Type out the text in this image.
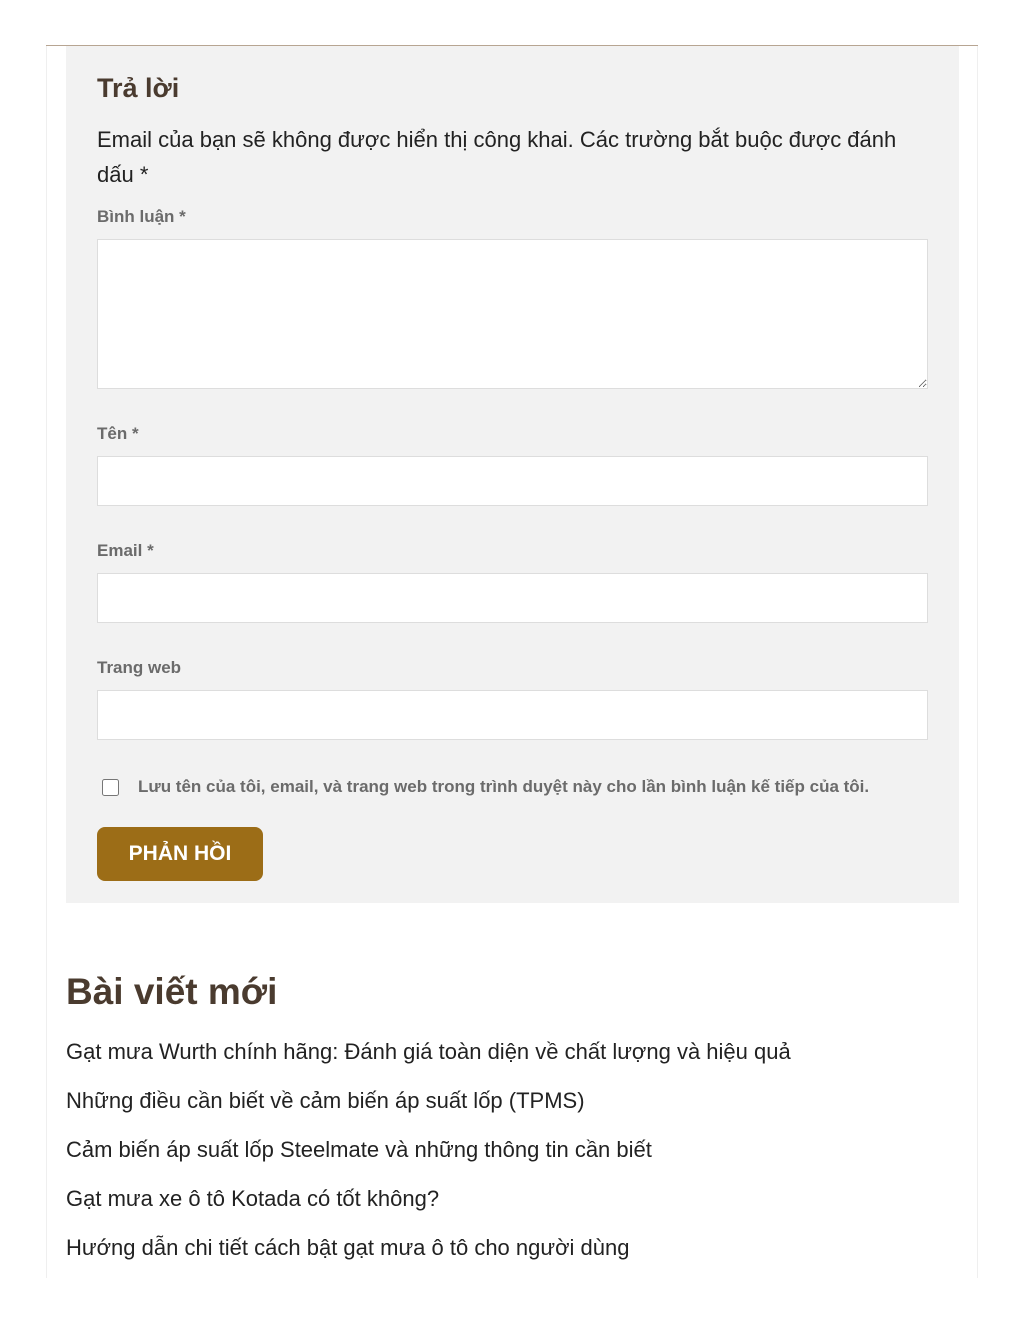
Trả lời

Email của bạn sẽ không được hiển thị công khai. Các trường bắt buộc được đánh dấu *

Bình luận *
Tên *
Email *
Trang web
Lưu tên của tôi, email, và trang web trong trình duyệt này cho lần bình luận kế tiếp của tôi.
PHẢN HỒI
Bài viết mới
Gạt mưa Wurth chính hãng: Đánh giá toàn diện về chất lượng và hiệu quả
Những điều cần biết về cảm biến áp suất lốp (TPMS)
Cảm biến áp suất lốp Steelmate và những thông tin cần biết
Gạt mưa xe ô tô Kotada có tốt không?
Hướng dẫn chi tiết cách bật gạt mưa ô tô cho người dùng
